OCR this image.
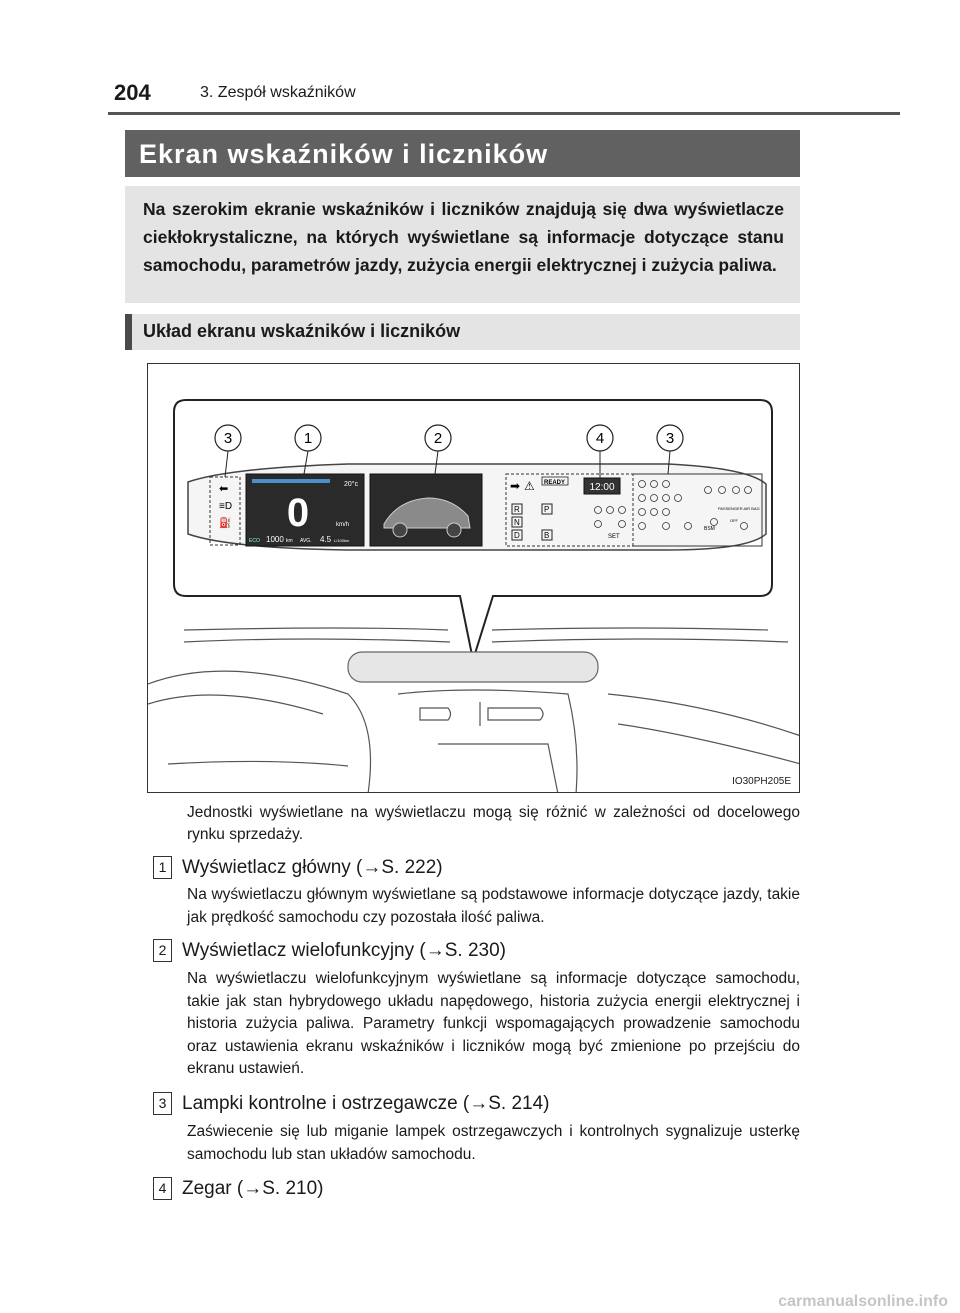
204	3. Zespół wskaźników
Ekran wskaźników i liczników
Na szerokim ekranie wskaźników i liczników znajdują się dwa wyświetlacze ciekłokrystaliczne, na których wyświetlane są informacje dotyczące stanu samochodu, parametrów jazdy, zużycia energii elektrycznej i zużycia paliwa.
Układ ekranu wskaźników i liczników
⬅
≡D
⛽
20°c
0	km/h
ECO 1000 km AVG. 4.5 L/100km
➡ ⚠ READY 12:00
R
N
D
P
B	SET
BSM
OFF
PASSENGER AIR BAG
3	1	2	4	3
IO30PH205E
Jednostki wyświetlane na wyświetlaczu mogą się różnić w zależności od docelowego rynku sprzedaży.
1 Wyświetlacz główny (→S. 222)
Na wyświetlaczu głównym wyświetlane są podstawowe informacje dotyczące jazdy, takie jak prędkość samochodu czy pozostała ilość paliwa.
2 Wyświetlacz wielofunkcyjny (→S. 230)
Na wyświetlaczu wielofunkcyjnym wyświetlane są informacje dotyczące samochodu, takie jak stan hybrydowego układu napędowego, historia zużycia energii elektrycznej i historia zużycia paliwa. Parametry funkcji wspomagających prowadzenie samochodu oraz ustawienia ekranu wskaźników i liczników mogą być zmienione po przejściu do ekranu ustawień.
3 Lampki kontrolne i ostrzegawcze (→S. 214)
Zaświecenie się lub miganie lampek ostrzegawczych i kontrolnych sygnalizuje usterkę samochodu lub stan układów samochodu.
4 Zegar (→S. 210)
carmanualsonline.info
